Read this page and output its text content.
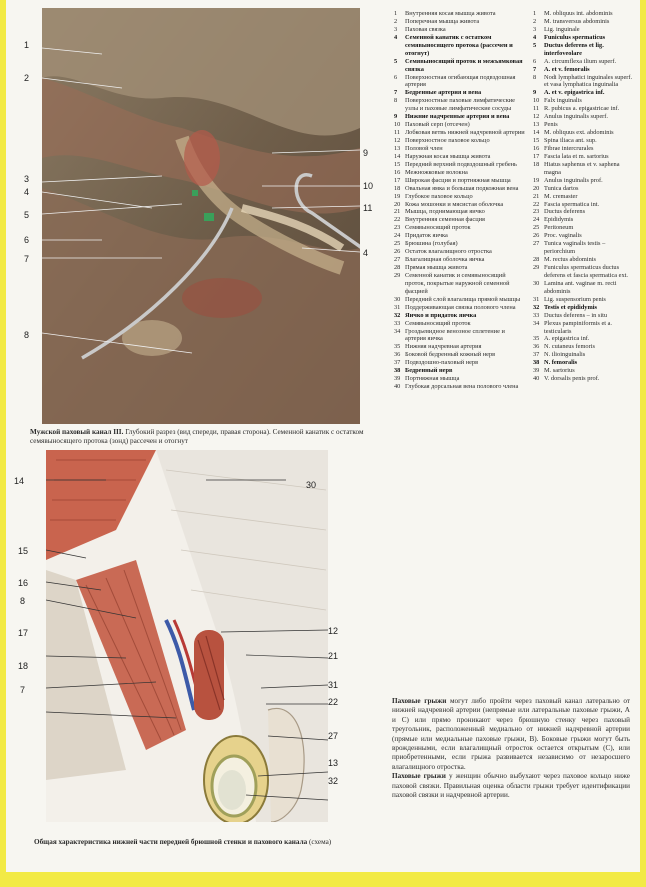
1
2
3
4
5
6
7
8
9
10
11
4
Мужской паховый канал III. Глубокий разрез (вид спереди, правая сторона). Семенной канатик с остатком семявыносящего протока (зонд) рассечен и отогнут
14
15
16
8
17
18
7
30
12
21
31
22
27
13
32
Общая характеристика нижней части передней брюшной стенки и пахового канала (схема)
1	Внутренняя косая мышца живота
2	Поперечная мышца живота
3	Паховая связка
4	Семенной канатик с остатком семявыносящего протока (рассечен и отогнут)
5	Семявыносящий проток и межъямковая связка
6	Поверхностная огибающая подвздошная артерия
7	Бедренные артерия и вена
8	Поверхностные паховые лимфатические узлы и паховые лимфатические сосуды
9	Нижние надчревные артерия и вена
10 Паховый серп (отсечен)
11 Лобковая ветвь нижней надчревной артерии
12 Поверхностное паховое кольцо
13 Половой член
14 Наружная косая мышца живота
15 Передний верхний подвздошный гребень
16 Межножковые волокна
17 Широкая фасция и портняжная мышца
18 Овальная ямка и большая подкожная вена
19 Глубокое паховое кольцо
20 Кожа мошонки и мясистая оболочка
21 Мышца, поднимающая яичко
22 Внутренняя семенная фасция
23 Семявыносящий проток
24 Придаток яичка
25 Брюшина (голубая)
26 Остаток влагалищного отростка
27 Влагалищная оболочка яичка
28 Прямая мышца живота
29 Семенной канатик и семявыносящий проток, покрытые наружной семенной фасцией
30 Передний слой влагалища прямой мышцы
31 Поддерживающая связка полового члена
32 Яичко и придаток яичка
33 Семявыносящий проток
34 Гроздьевидное венозное сплетение и артерия яичка
35 Нижняя надчревная артерия
36 Боковой бедренный кожный нерв
37 Подвздошно-паховый нерв
38 Бедренный нерв
39 Портняжная мышца
40 Глубокая дорсальная вена полового члена
1	M. obliquus int. abdominis
2	M. transversus abdominis
3	Lig. inguinale
4	Funiculus spermaticus
5	Ductus deferens et lig. interfoveolare
6	A. circumflexa ilium superf.
7	A. et v. femoralis
8	Nodi lymphatici inguinales superf. et vasa lymphatica inguinalia
9	A. et v. epigastrica inf.
10 Falx inguinalis
11 R. pubicus a. epigastricae inf.
12 Anulus inguinalis superf.
13 Penis
14 M. obliquus ext. abdominis
15 Spina iliaca ant. sup.
16 Fibrae intercrurales
17 Fascia lata et m. sartorius
18 Hiatus saphenus et v. saphena magna
19 Anulus inguinalis prof.
20 Tunica dartos
21 M. cremaster
22 Fascia spermatica int.
23 Ductus deferens
24 Epididymis
25 Peritoneum
26 Proc. vaginalis
27 Tunica vaginalis testis – periorchium
28 M. rectus abdominis
29 Funiculus spermaticus ductus deferens et fascia spermatica ext.
30 Lamina ant. vaginae m. recti abdominis
31 Lig. suspensorium penis
32 Testis et epididymis
33 Ductus deferens – in situ
34 Plexus pampiniformis et a. testicularis
35 A. epigastrica inf.
36 N. cutaneus femoris
37 N. ilioinguinalis
38 N. femoralis
39 M. sartorius
40 V. dorsalis penis prof.

Паховые грыжи могут либо пройти через паховый канал латерально от нижней надчревной артерии (непрямые или латеральные паховые грыжи, A и C) или прямо проникают через брюшную стенку через паховый треугольник, расположенный медиально от нижней надчревной артерии (прямые или медиальные паховые грыжи, B). Боковые грыжи могут быть врожденными, если влагалищный отросток остается открытым (C), или приобретенными, если грыжа развивается независимо от незаросшего влагалищного отростка.

Паховые грыжи у женщин обычно выбухают через паховое кольцо ниже паховой связки. Правильная оценка области грыжи требует идентификации паховой связки и надчревной артерии.
